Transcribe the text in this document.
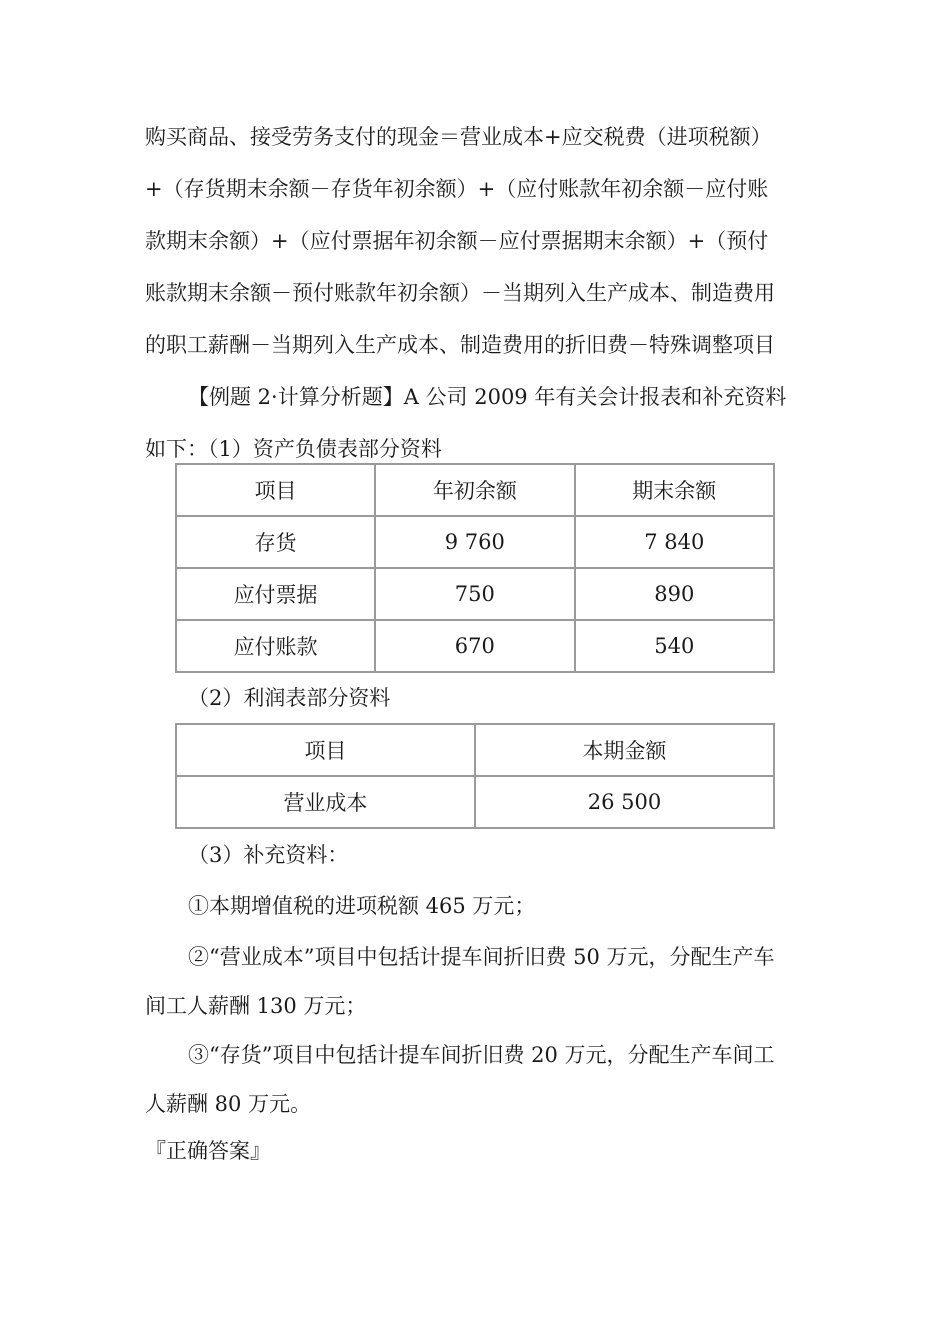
购买商品、接受劳务支付的现金＝营业成本+应交税费（进项税额）

+（存货期末余额－存货年初余额）+（应付账款年初余额－应付账

款期末余额）+（应付票据年初余额－应付票据期末余额）+（预付

账款期末余额－预付账款年初余额）－当期列入生产成本、制造费用

的职工薪酬－当期列入生产成本、制造费用的折旧费－特殊调整项目

【例题 2·计算分析题】A 公司 2009 年有关会计报表和补充资料

如下：（1）资产负债表部分资料

项目	年初余额	期末余额
存货	9 760	7 840
应付票据	750	890
应付账款	670	540

（2）利润表部分资料

项目	本期金额
营业成本	26 500

（3）补充资料：

①本期增值税的进项税额 465 万元；

②“营业成本”项目中包括计提车间折旧费 50 万元，分配生产车

间工人薪酬 130 万元；

③“存货”项目中包括计提车间折旧费 20 万元，分配生产车间工

人薪酬 80 万元。

『正确答案』
